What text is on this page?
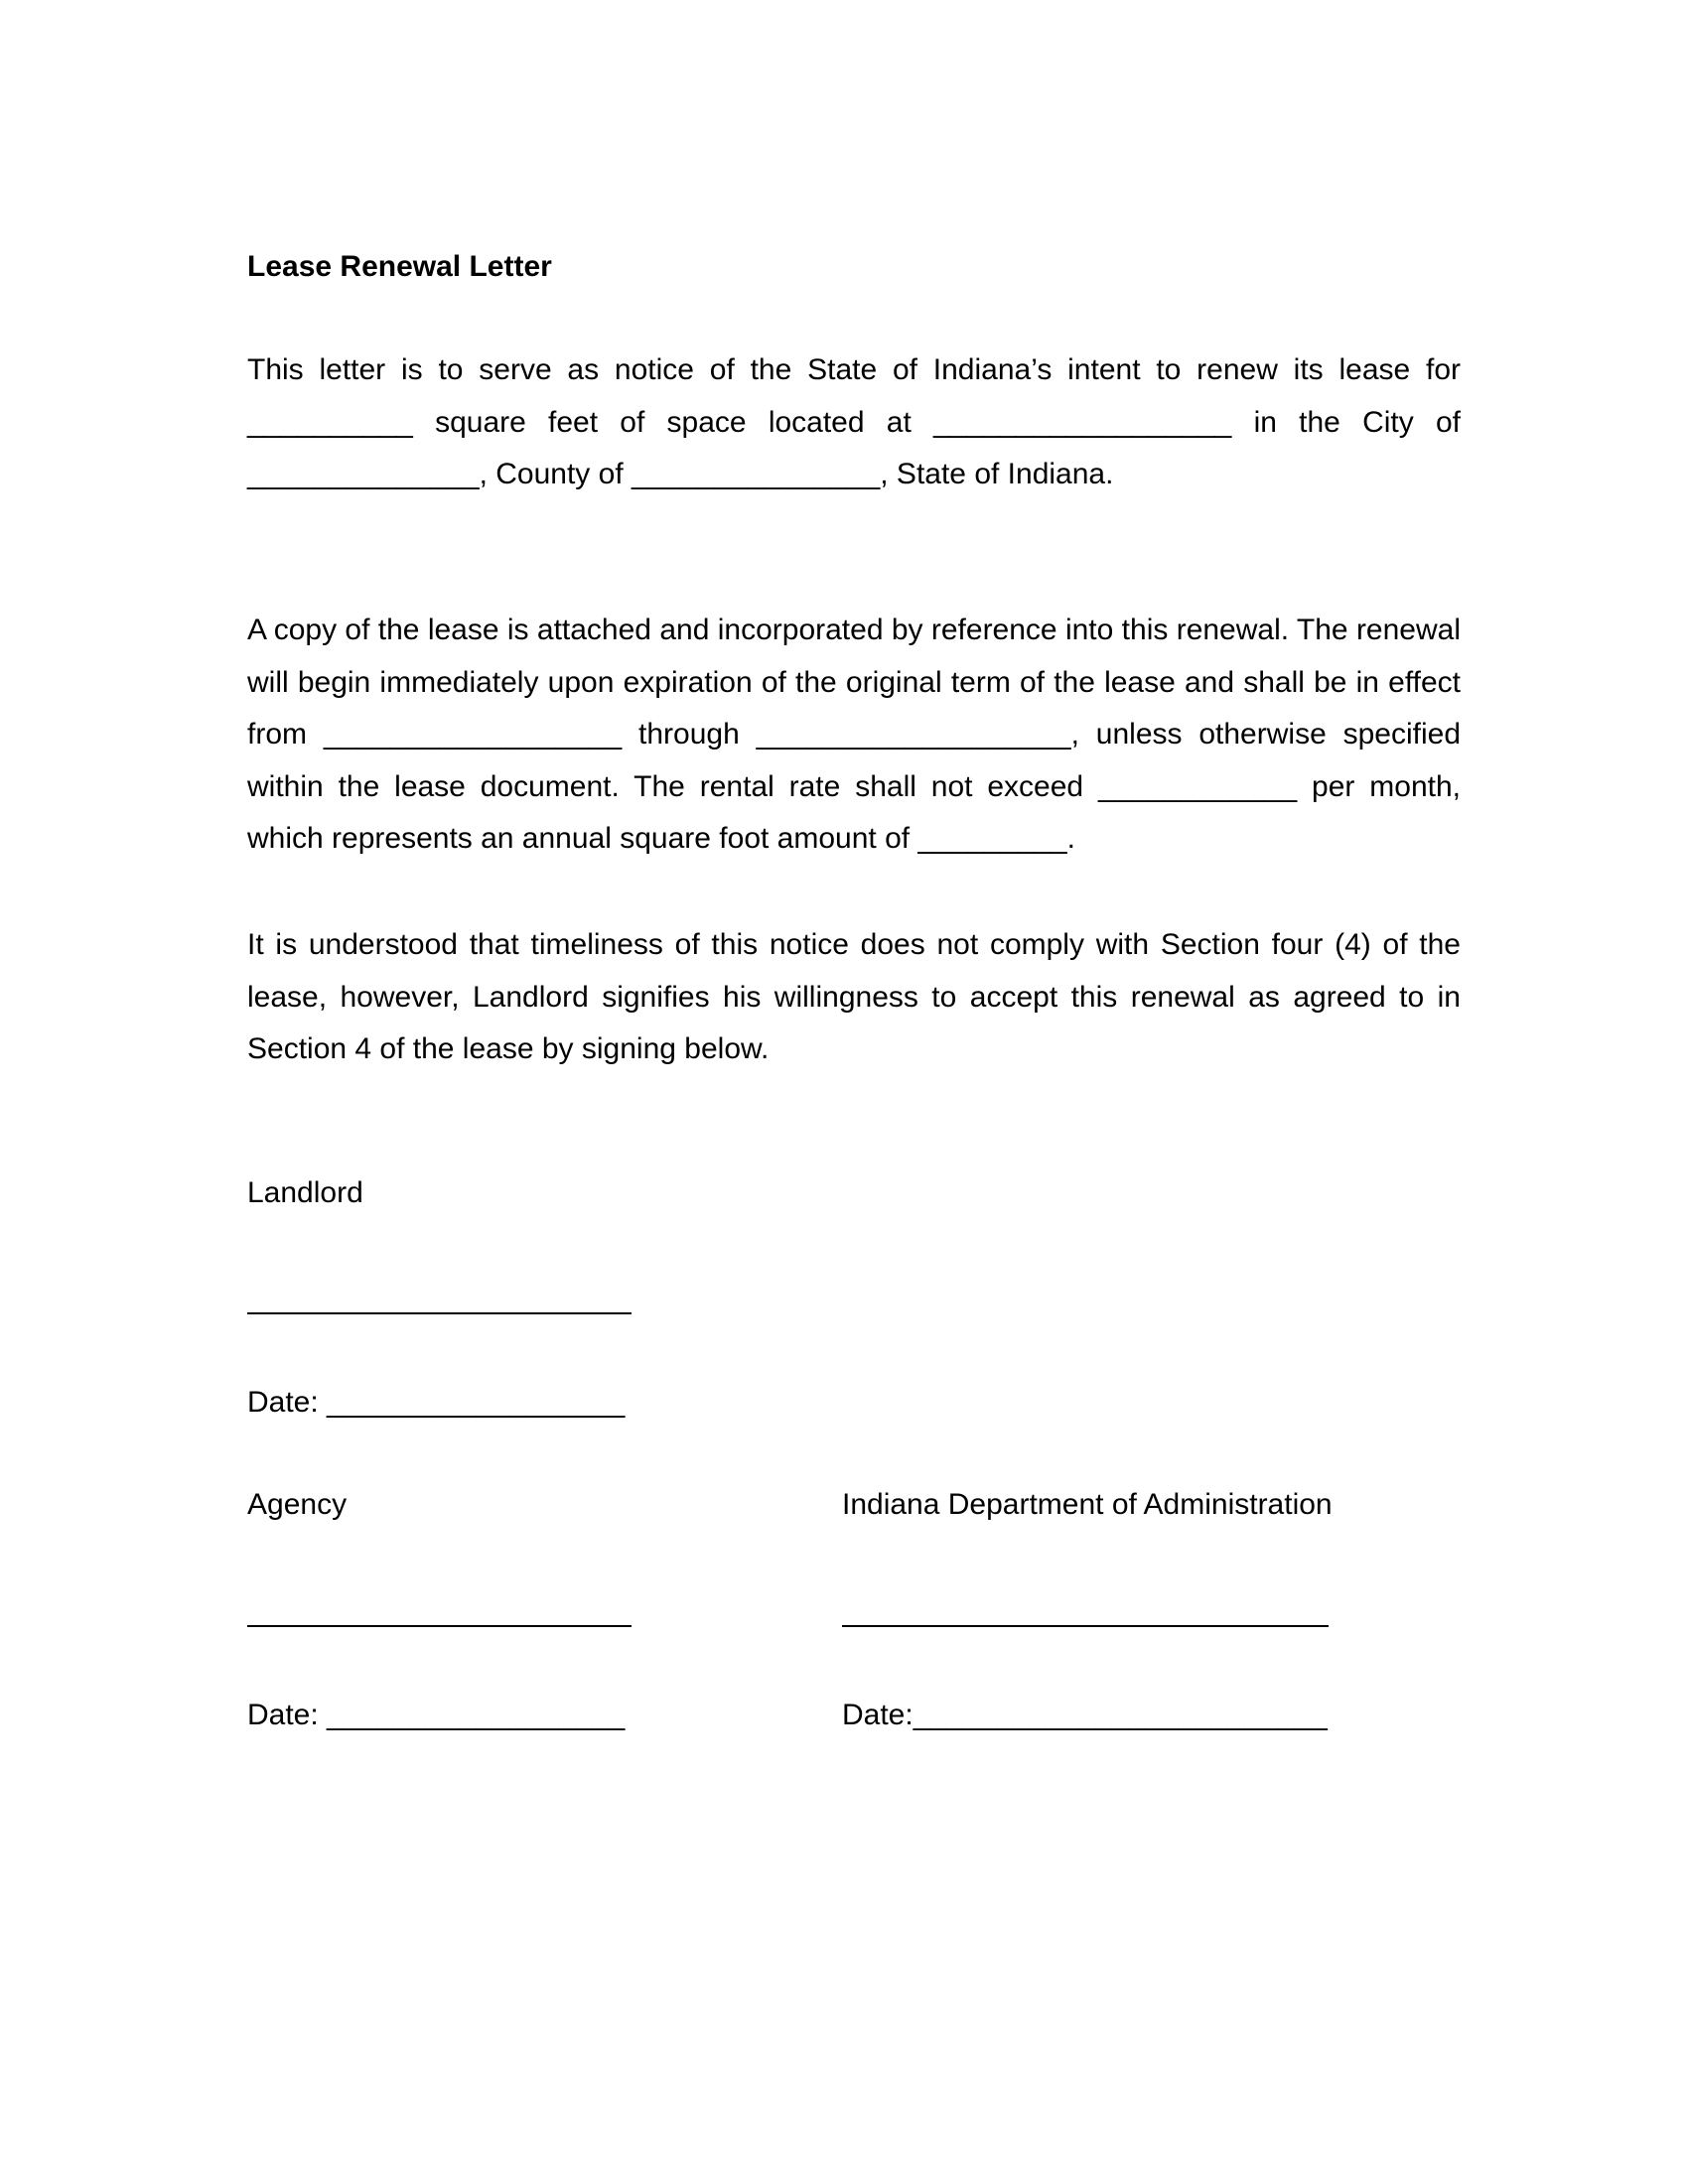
Lease Renewal Letter

This letter is to serve as notice of the State of Indiana’s intent to renew its lease for __________ square feet of space located at __________________ in the City of ______________, County of _______________, State of Indiana.

A copy of the lease is attached and incorporated by reference into this renewal. The renewal will begin immediately upon expiration of the original term of the lease and shall be in effect from __________________ through ___________________, unless otherwise specified within the lease document. The rental rate shall not exceed ____________ per month, which represents an annual square foot amount of _________.

It is understood that timeliness of this notice does not comply with Section four (4) of the lease, however, Landlord signifies his willingness to accept this renewal as agreed to in Section 4 of the lease by signing below.

Landlord
Date: __________________
Agency
Date: __________________
Indiana Department of Administration
Date:_________________________
